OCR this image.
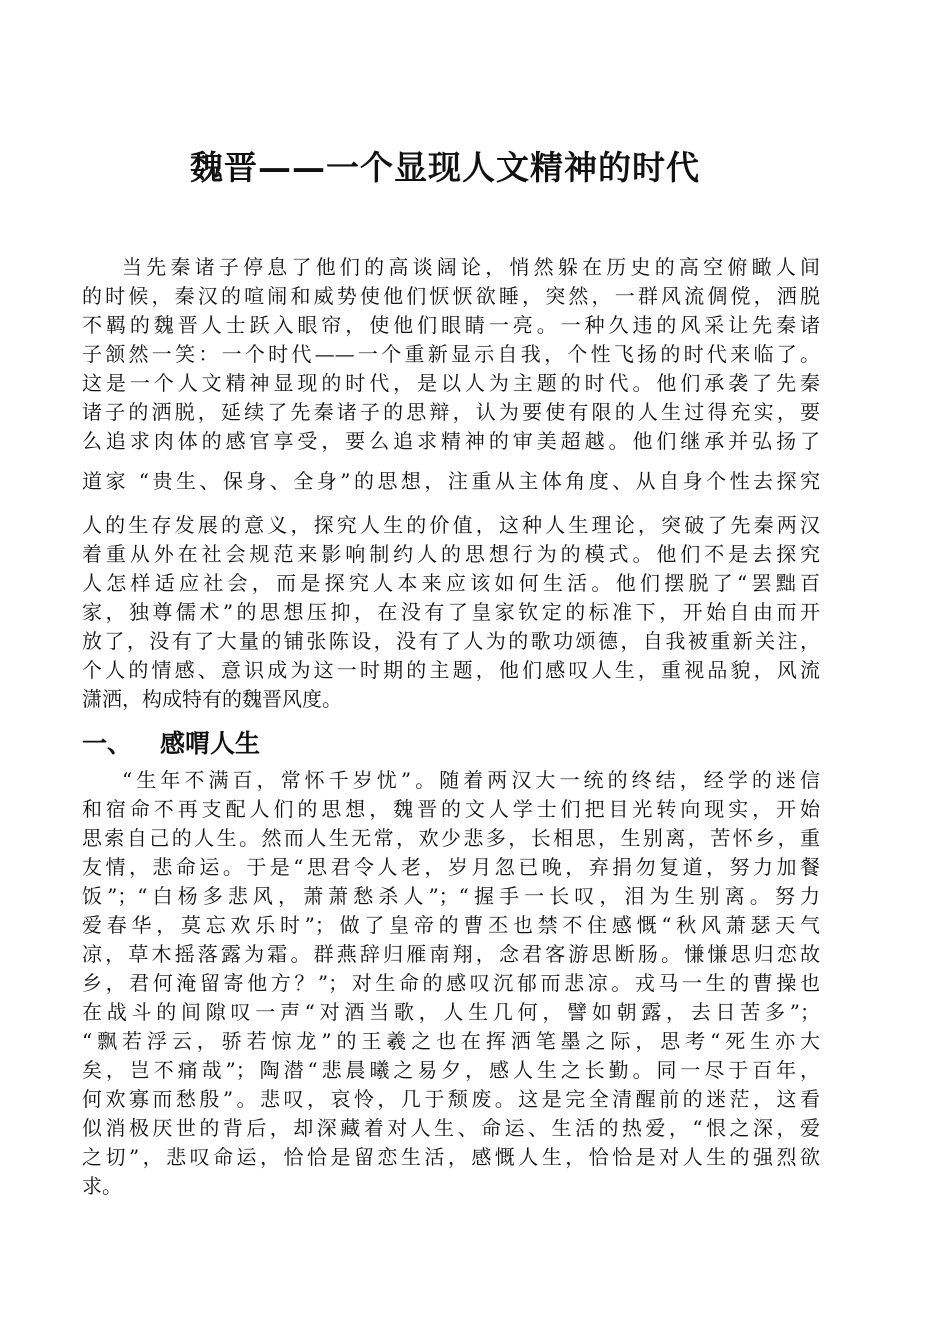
魏晋——一个显现人文精神的时代
当先秦诸子停息了他们的高谈阔论，悄然躲在历史的高空俯瞰人间
的时候，秦汉的喧闹和威势使他们恹恹欲睡，突然，一群风流倜傥，洒脱
不羁的魏晋人士跃入眼帘，使他们眼睛一亮。一种久违的风采让先秦诸
子颔然一笑：一个时代——一个重新显示自我，个性飞扬的时代来临了。
这是一个人文精神显现的时代，是以人为主题的时代。他们承袭了先秦
诸子的洒脱，延续了先秦诸子的思辩，认为要使有限的人生过得充实，要
么追求肉体的感官享受，要么追求精神的审美超越。他们继承并弘扬了
道家 “贵生、保身、全身”的思想，注重从主体角度、从自身个性去探究
人的生存发展的意义，探究人生的价值，这种人生理论，突破了先秦两汉
着重从外在社会规范来影响制约人的思想行为的模式。他们不是去探究
人怎样适应社会，而是探究人本来应该如何生活。他们摆脱了“罢黜百
家，独尊儒术”的思想压抑，在没有了皇家钦定的标准下，开始自由而开
放了，没有了大量的铺张陈设，没有了人为的歌功颂德，自我被重新关注，
个人的情感、意识成为这一时期的主题，他们感叹人生，重视品貌，风流
潇洒，构成特有的魏晋风度。
一、 感喟人生
“生年不满百，常怀千岁忧”。随着两汉大一统的终结，经学的迷信
和宿命不再支配人们的思想，魏晋的文人学士们把目光转向现实，开始
思索自己的人生。然而人生无常，欢少悲多，长相思，生别离，苦怀乡，重
友情，悲命运。于是“思君令人老，岁月忽已晚，弃捐勿复道，努力加餐
饭”；“白杨多悲风，萧萧愁杀人”；“握手一长叹，泪为生别离。努力
爱春华，莫忘欢乐时”；做了皇帝的曹丕也禁不住感慨“秋风萧瑟天气
凉，草木摇落露为霜。群燕辞归雁南翔，念君客游思断肠。慊慊思归恋故
乡，君何淹留寄他方？”；对生命的感叹沉郁而悲凉。戎马一生的曹操也
在战斗的间隙叹一声“对酒当歌，人生几何，譬如朝露，去日苦多”；
“飘若浮云，骄若惊龙”的王羲之也在挥洒笔墨之际，思考“死生亦大
矣，岂不痛哉”；陶潜“悲晨曦之易夕，感人生之长勤。同一尽于百年，
何欢寡而愁殷”。悲叹，哀怜，几于颓废。这是完全清醒前的迷茫，这看
似消极厌世的背后，却深藏着对人生、命运、生活的热爱，“恨之深，爱
之切”，悲叹命运，恰恰是留恋生活，感慨人生，恰恰是对人生的强烈欲
求。
